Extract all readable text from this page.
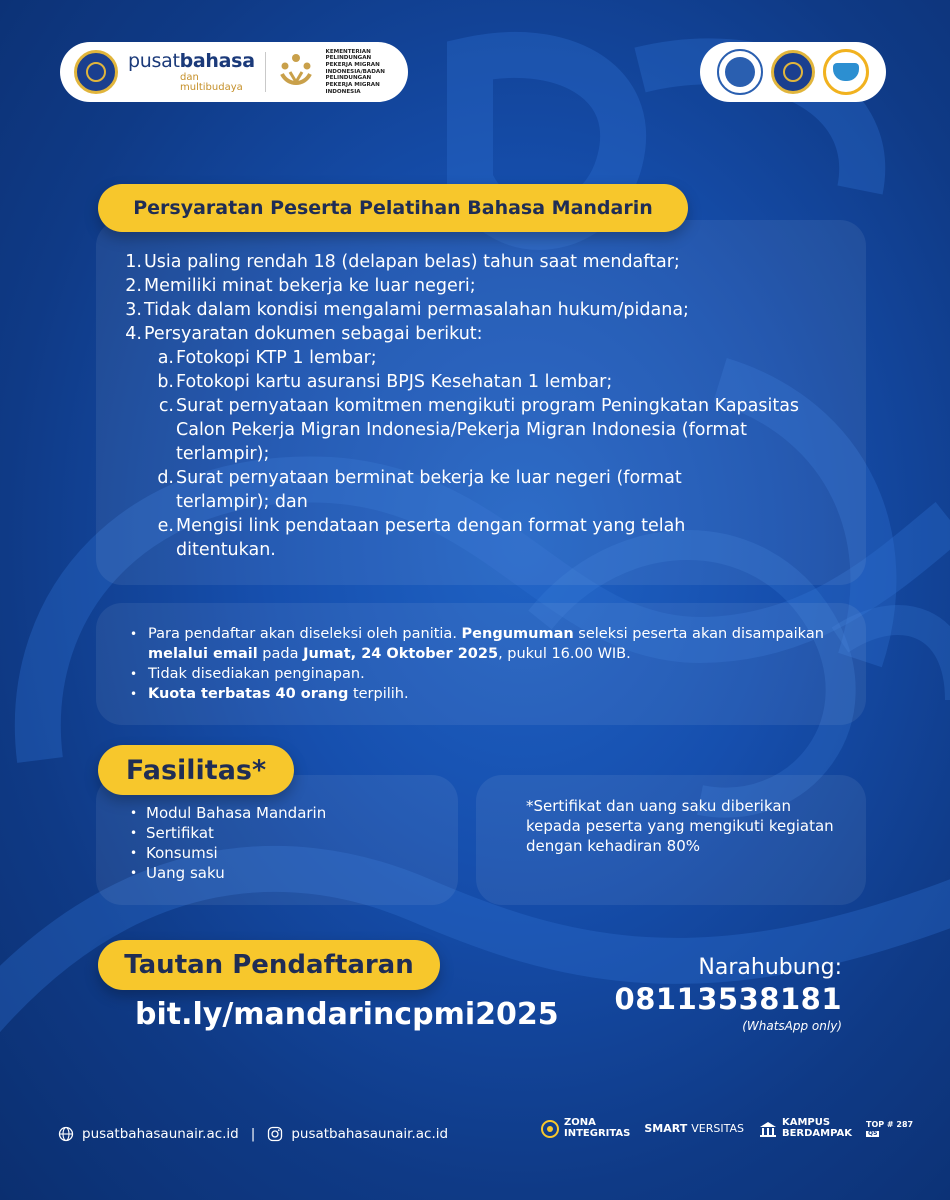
pusatbahasa
dan multibudaya
KEMENTERIAN PELINDUNGAN PEKERJA MIGRAN INDONESIA/BADAN PELINDUNGAN PEKERJA MIGRAN INDONESIA
Persyaratan Peserta Pelatihan Bahasa Mandarin
1. Usia paling rendah 18 (delapan belas) tahun saat mendaftar;
2. Memiliki minat bekerja ke luar negeri;
3. Tidak dalam kondisi mengalami permasalahan hukum/pidana;
4. Persyaratan dokumen sebagai berikut:
a. Fotokopi KTP 1 lembar;
b. Fotokopi kartu asuransi BPJS Kesehatan 1 lembar;
c. Surat pernyataan komitmen mengikuti program Peningkatan Kapasitas Calon Pekerja Migran Indonesia/Pekerja Migran Indonesia (format terlampir);
d. Surat pernyataan berminat bekerja ke luar negeri (format terlampir); dan
e. Mengisi link pendataan peserta dengan format yang telah ditentukan.
• Para pendaftar akan diseleksi oleh panitia. Pengumuman seleksi peserta akan disampaikan melalui email pada Jumat, 24 Oktober 2025, pukul 16.00 WIB.
• Tidak disediakan penginapan.
• Kuota terbatas 40 orang terpilih.
Fasilitas*
• Modul Bahasa Mandarin
• Sertifikat
• Konsumsi
• Uang saku
*Sertifikat dan uang saku diberikan kepada peserta yang mengikuti kegiatan dengan kehadiran 80%
Tautan Pendaftaran
bit.ly/mandarincpmi2025
Narahubung:
08113538181
(WhatsApp only)
pusatbahasaunair.ac.id |	pusatbahasaunair.ac.id
ZONA
INTEGRITAS SMART VERSITAS	KAMPUS
BERDAMPAK
TOP # 287
QS
